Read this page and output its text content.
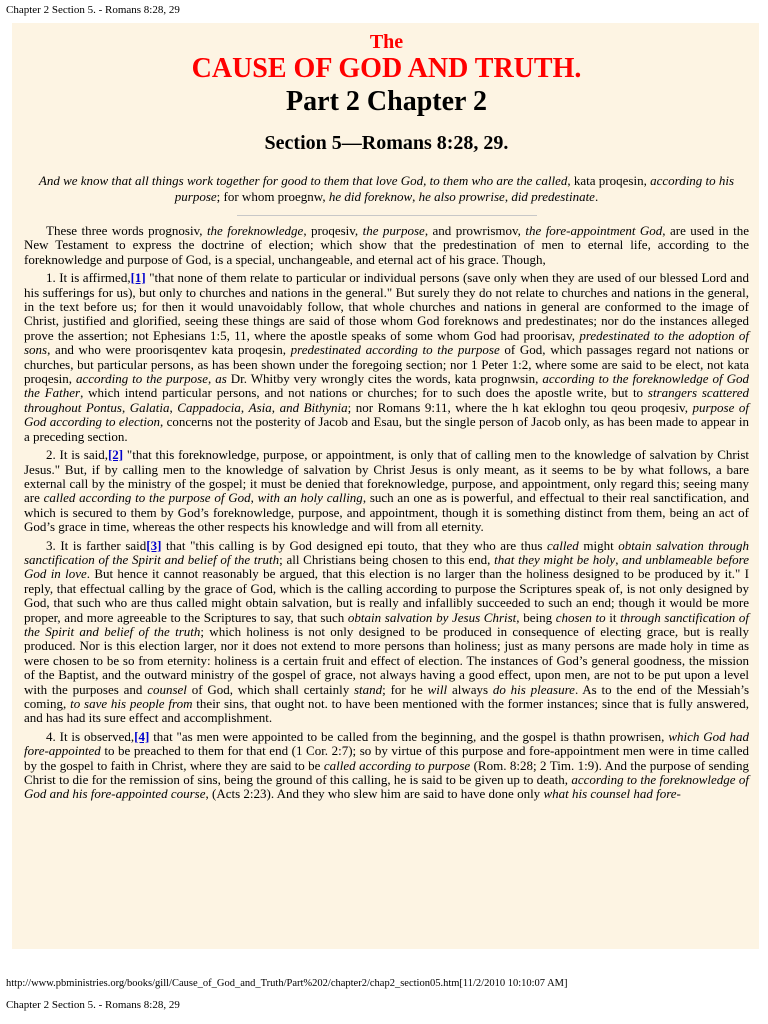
Chapter 2 Section 5. - Romans 8:28, 29

The

CAUSE OF GOD AND TRUTH.

Part 2 Chapter 2

Section 5—Romans 8:28, 29.

And we know that all things work together for good to them that love God, to them who are the called, kata proqesin, according to his purpose; for whom proegnw, he did foreknow, he also prowrise, did predestinate.

These three words prognosiv, the foreknowledge, proqesiv, the purpose, and prowrismov, the fore-appointment God, are used in the New Testament to express the doctrine of election; which show that the predestination of men to eternal life, according to the foreknowledge and purpose of God, is a special, unchangeable, and eternal act of his grace. Though,

1. It is affirmed,[1] "that none of them relate to particular or individual persons (save only when they are used of our blessed Lord and his sufferings for us), but only to churches and nations in the general." But surely they do not relate to churches and nations in the general, in the text before us; for then it would unavoidably follow, that whole churches and nations in general are conformed to the image of Christ, justified and glorified, seeing these things are said of those whom God foreknows and predestinates; nor do the instances alleged prove the assertion; not Ephesians 1:5, 11, where the apostle speaks of some whom God had proorisav, predestinated to the adoption of sons, and who were proorisqentev kata proqesin, predestinated according to the purpose of God, which passages regard not nations or churches, but particular persons, as has been shown under the foregoing section; nor 1 Peter 1:2, where some are said to be elect, not kata proqesin, according to the purpose, as Dr. Whitby very wrongly cites the words, kata prognwsin, according to the foreknowledge of God the Father, which intend particular persons, and not nations or churches; for to such does the apostle write, but to strangers scattered throughout Pontus, Galatia, Cappadocia, Asia, and Bithynia; nor Romans 9:11, where the h kat ekloghn tou qeou proqesiv, purpose of God according to election, concerns not the posterity of Jacob and Esau, but the single person of Jacob only, as has been made to appear in a preceding section.

2. It is said,[2] "that this foreknowledge, purpose, or appointment, is only that of calling men to the knowledge of salvation by Christ Jesus." But, if by calling men to the knowledge of salvation by Christ Jesus is only meant, as it seems to be by what follows, a bare external call by the ministry of the gospel; it must be denied that foreknowledge, purpose, and appointment, only regard this; seeing many are called according to the purpose of God, with an holy calling, such an one as is powerful, and effectual to their real sanctification, and which is secured to them by God’s foreknowledge, purpose, and appointment, though it is something distinct from them, being an act of God’s grace in time, whereas the other respects his knowledge and will from all eternity.

3. It is farther said[3] that "this calling is by God designed epi touto, that they who are thus called might obtain salvation through sanctification of the Spirit and belief of the truth; all Christians being chosen to this end, that they might be holy, and unblameable before God in love. But hence it cannot reasonably be argued, that this election is no larger than the holiness designed to be produced by it." I reply, that effectual calling by the grace of God, which is the calling according to purpose the Scriptures speak of, is not only designed by God, that such who are thus called might obtain salvation, but is really and infallibly succeeded to such an end; though it would be more proper, and more agreeable to the Scriptures to say, that such obtain salvation by Jesus Christ, being chosen to it through sanctification of the Spirit and belief of the truth; which holiness is not only designed to be produced in consequence of electing grace, but is really produced. Nor is this election larger, nor it does not extend to more persons than holiness; just as many persons are made holy in time as were chosen to be so from eternity: holiness is a certain fruit and effect of election. The instances of God’s general goodness, the mission of the Baptist, and the outward ministry of the gospel of grace, not always having a good effect, upon men, are not to be put upon a level with the purposes and counsel of God, which shall certainly stand; for he will always do his pleasure. As to the end of the Messiah’s coming, to save his people from their sins, that ought not. to have been mentioned with the former instances; since that is fully answered, and has had its sure effect and accomplishment.

4. It is observed,[4] that "as men were appointed to be called from the beginning, and the gospel is thathn prowrisen, which God had fore-appointed to be preached to them for that end (1 Cor. 2:7); so by virtue of this purpose and fore-appointment men were in time called by the gospel to faith in Christ, where they are said to be called according to purpose (Rom. 8:28; 2 Tim. 1:9). And the purpose of sending Christ to die for the remission of sins, being the ground of this calling, he is said to be given up to death, according to the foreknowledge of God and his fore-appointed course, (Acts 2:23). And they who slew him are said to have done only what his counsel had fore-

http://www.pbministries.org/books/gill/Cause_of_God_and_Truth/Part%202/chapter2/chap2_section05.htm[11/2/2010 10:10:07 AM]
Chapter 2 Section 5. - Romans 8:28, 29
